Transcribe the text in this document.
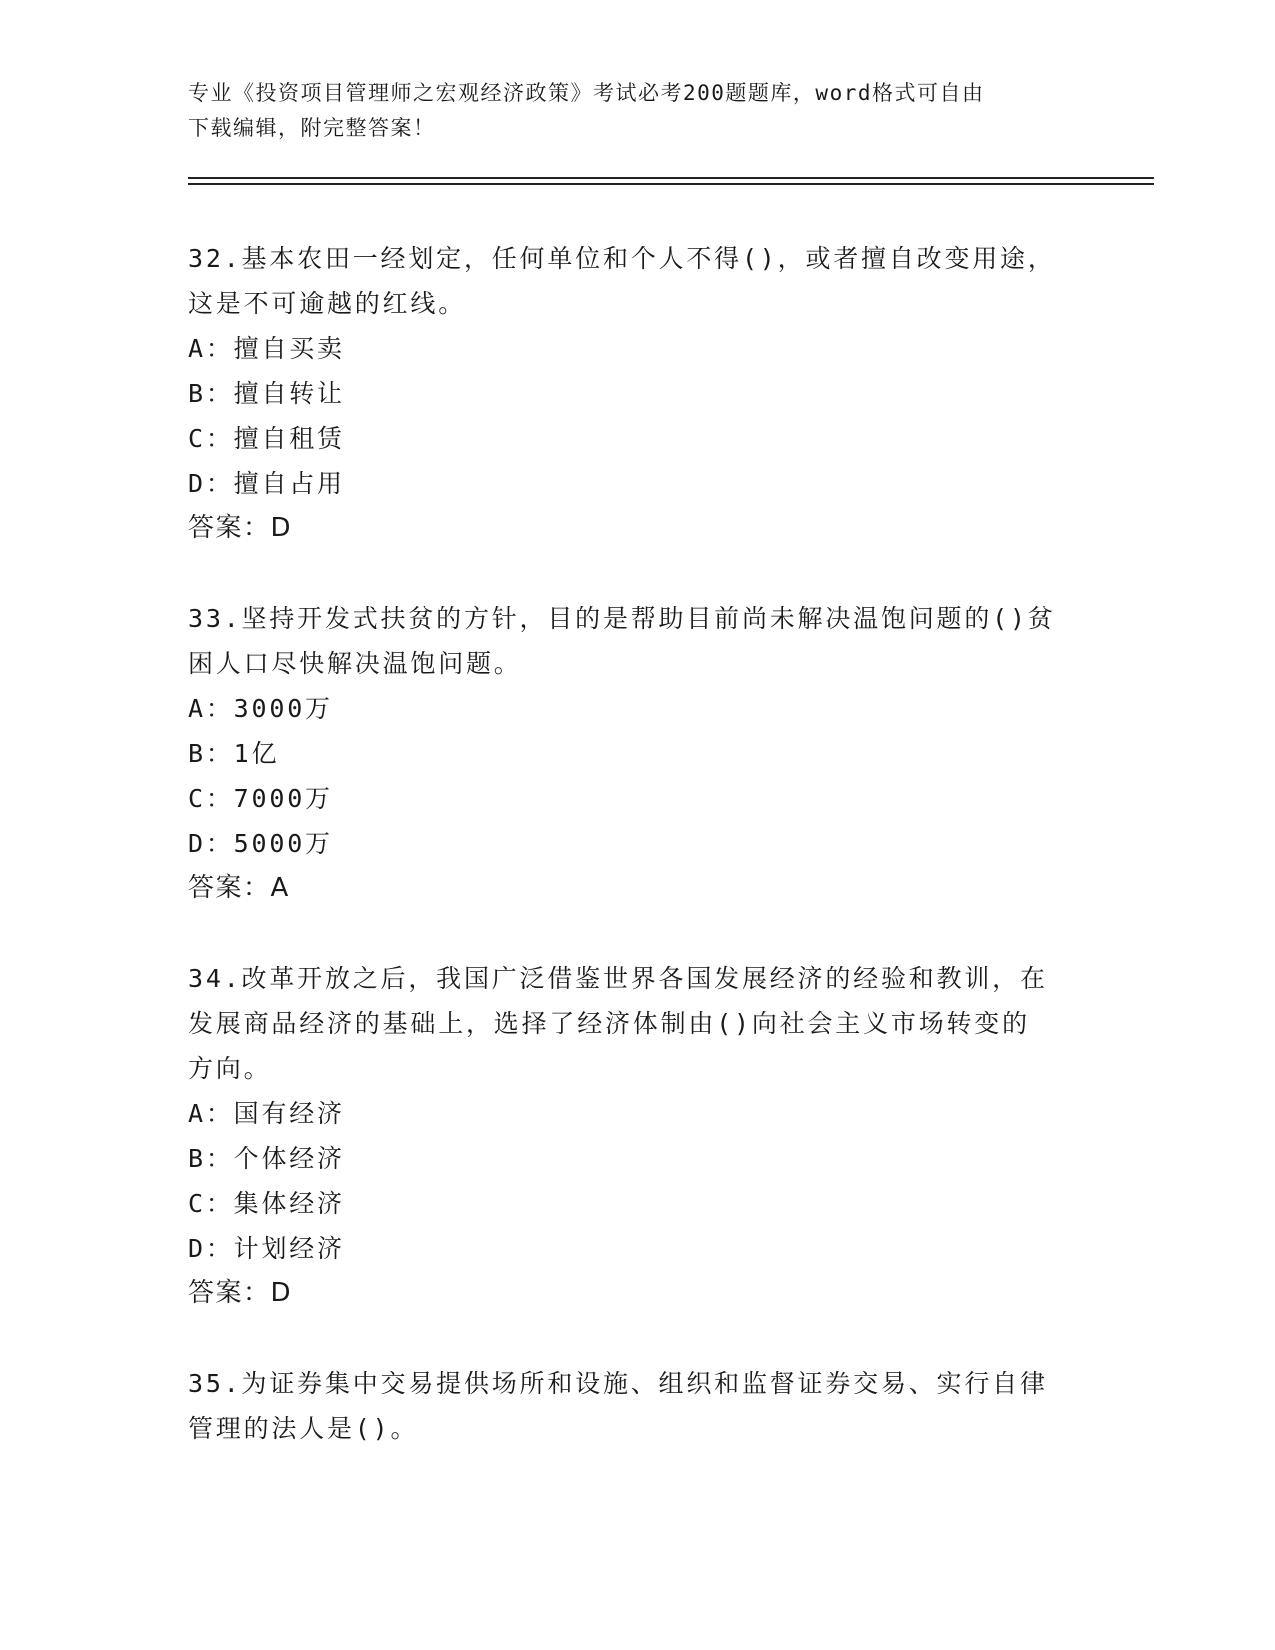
专业《投资项目管理师之宏观经济政策》考试必考200题题库，word格式可自由
下载编辑，附完整答案！
32.基本农田一经划定，任何单位和个人不得()，或者擅自改变用途，
这是不可逾越的红线。
A：擅自买卖
B：擅自转让
C：擅自租赁
D：擅自占用
答案：D
33.坚持开发式扶贫的方针，目的是帮助目前尚未解决温饱问题的()贫
困人口尽快解决温饱问题。
A：3000万
B：1亿
C：7000万
D：5000万
答案：A
34.改革开放之后，我国广泛借鉴世界各国发展经济的经验和教训，在
发展商品经济的基础上，选择了经济体制由()向社会主义市场转变的
方向。
A：国有经济
B：个体经济
C：集体经济
D：计划经济
答案：D
35.为证券集中交易提供场所和设施、组织和监督证券交易、实行自律
管理的法人是()。
